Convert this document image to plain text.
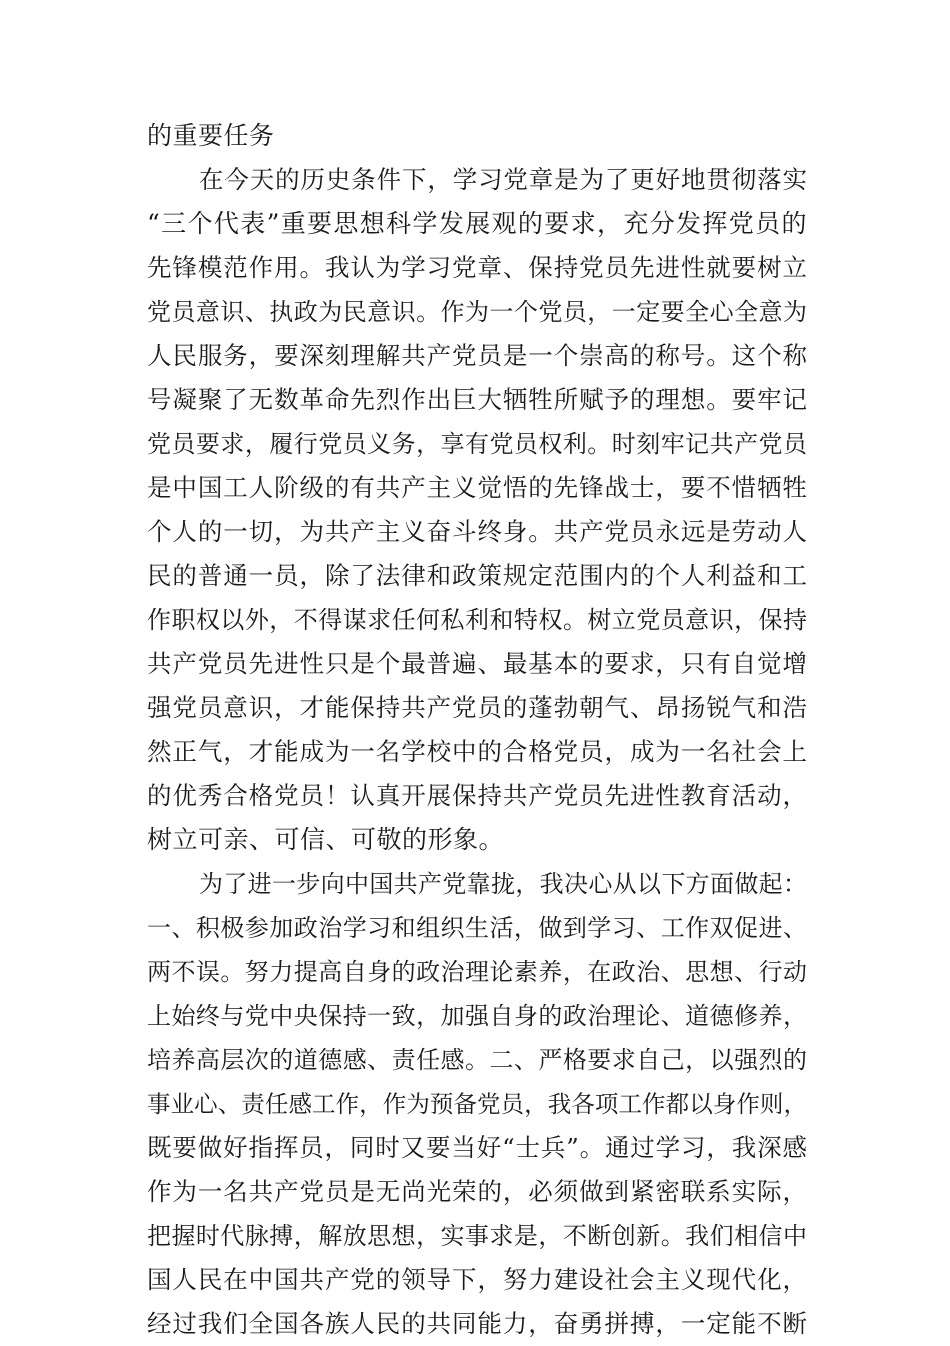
的重要任务
在今天的历史条件下，学习党章是为了更好地贯彻落实
“三个代表”重要思想科学发展观的要求，充分发挥党员的
先锋模范作用。我认为学习党章、保持党员先进性就要树立
党员意识、执政为民意识。作为一个党员，一定要全心全意为
人民服务，要深刻理解共产党员是一个崇高的称号。这个称
号凝聚了无数革命先烈作出巨大牺牲所赋予的理想。要牢记
党员要求，履行党员义务，享有党员权利。时刻牢记共产党员
是中国工人阶级的有共产主义觉悟的先锋战士，要不惜牺牲
个人的一切，为共产主义奋斗终身。共产党员永远是劳动人
民的普通一员，除了法律和政策规定范围内的个人利益和工
作职权以外，不得谋求任何私利和特权。树立党员意识，保持
共产党员先进性只是个最普遍、最基本的要求，只有自觉增
强党员意识，才能保持共产党员的蓬勃朝气、昂扬锐气和浩
然正气，才能成为一名学校中的合格党员，成为一名社会上
的优秀合格党员！认真开展保持共产党员先进性教育活动，
树立可亲、可信、可敬的形象。
为了进一步向中国共产党靠拢，我决心从以下方面做起：
一、积极参加政治学习和组织生活，做到学习、工作双促进、
两不误。努力提高自身的政治理论素养，在政治、思想、行动
上始终与党中央保持一致，加强自身的政治理论、道德修养，
培养高层次的道德感、责任感。二、严格要求自己，以强烈的
事业心、责任感工作，作为预备党员，我各项工作都以身作则，
既要做好指挥员，同时又要当好“士兵”。通过学习，我深感
作为一名共产党员是无尚光荣的，必须做到紧密联系实际，
把握时代脉搏，解放思想，实事求是，不断创新。我们相信中
国人民在中国共产党的领导下，努力建设社会主义现代化，
经过我们全国各族人民的共同能力，奋勇拼搏，一定能不断
